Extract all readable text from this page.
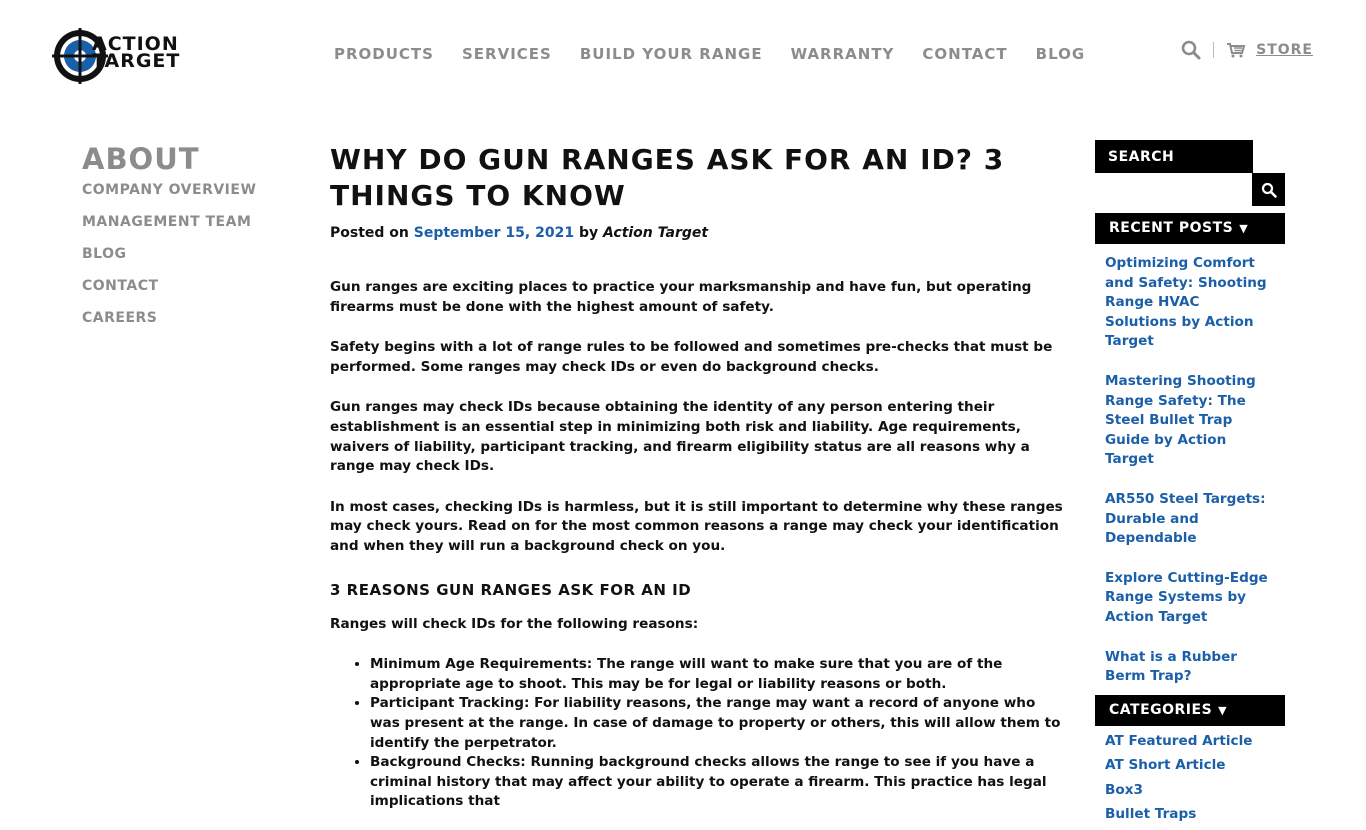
ACTION
TARGET	PRODUCTS SERVICES BUILD YOUR RANGE WARRANTY CONTACT BLOG	STORE
ABOUT
COMPANY OVERVIEW
MANAGEMENT TEAM
BLOG
CONTACT
CAREERS
WHY DO GUN RANGES ASK FOR AN ID? 3 THINGS TO KNOW
Posted on September 15, 2021 by Action Target

Gun ranges are exciting places to practice your marksmanship and have fun, but operating firearms must be done with the highest amount of safety.

Safety begins with a lot of range rules to be followed and sometimes pre-checks that must be performed. Some ranges may check IDs or even do background checks.

Gun ranges may check IDs because obtaining the identity of any person entering their establishment is an essential step in minimizing both risk and liability. Age requirements, waivers of liability, participant tracking, and firearm eligibility status are all reasons why a range may check IDs.

In most cases, checking IDs is harmless, but it is still important to determine why these ranges may check yours. Read on for the most common reasons a range may check your identification and when they will run a background check on you.

3 REASONS GUN RANGES ASK FOR AN ID

Ranges will check IDs for the following reasons:

• Minimum Age Requirements: The range will want to make sure that you are of the appropriate age to shoot. This may be for legal or liability reasons or both.
• Participant Tracking: For liability reasons, the range may want a record of anyone who was present at the range. In case of damage to property or others, this will allow them to identify the perpetrator.
• Background Checks: Running background checks allows the range to see if you have a criminal history that may affect your ability to operate a firearm. This practice has legal implications that
SEARCH
RECENT POSTS ▼
Optimizing Comfort and Safety: Shooting Range HVAC Solutions by Action Target
Mastering Shooting Range Safety: The Steel Bullet Trap Guide by Action Target
AR550 Steel Targets: Durable and Dependable
Explore Cutting-Edge Range Systems by Action Target
What is a Rubber Berm Trap?
CATEGORIES ▼
AT Featured Article
AT Short Article
Box3
Bullet Traps
